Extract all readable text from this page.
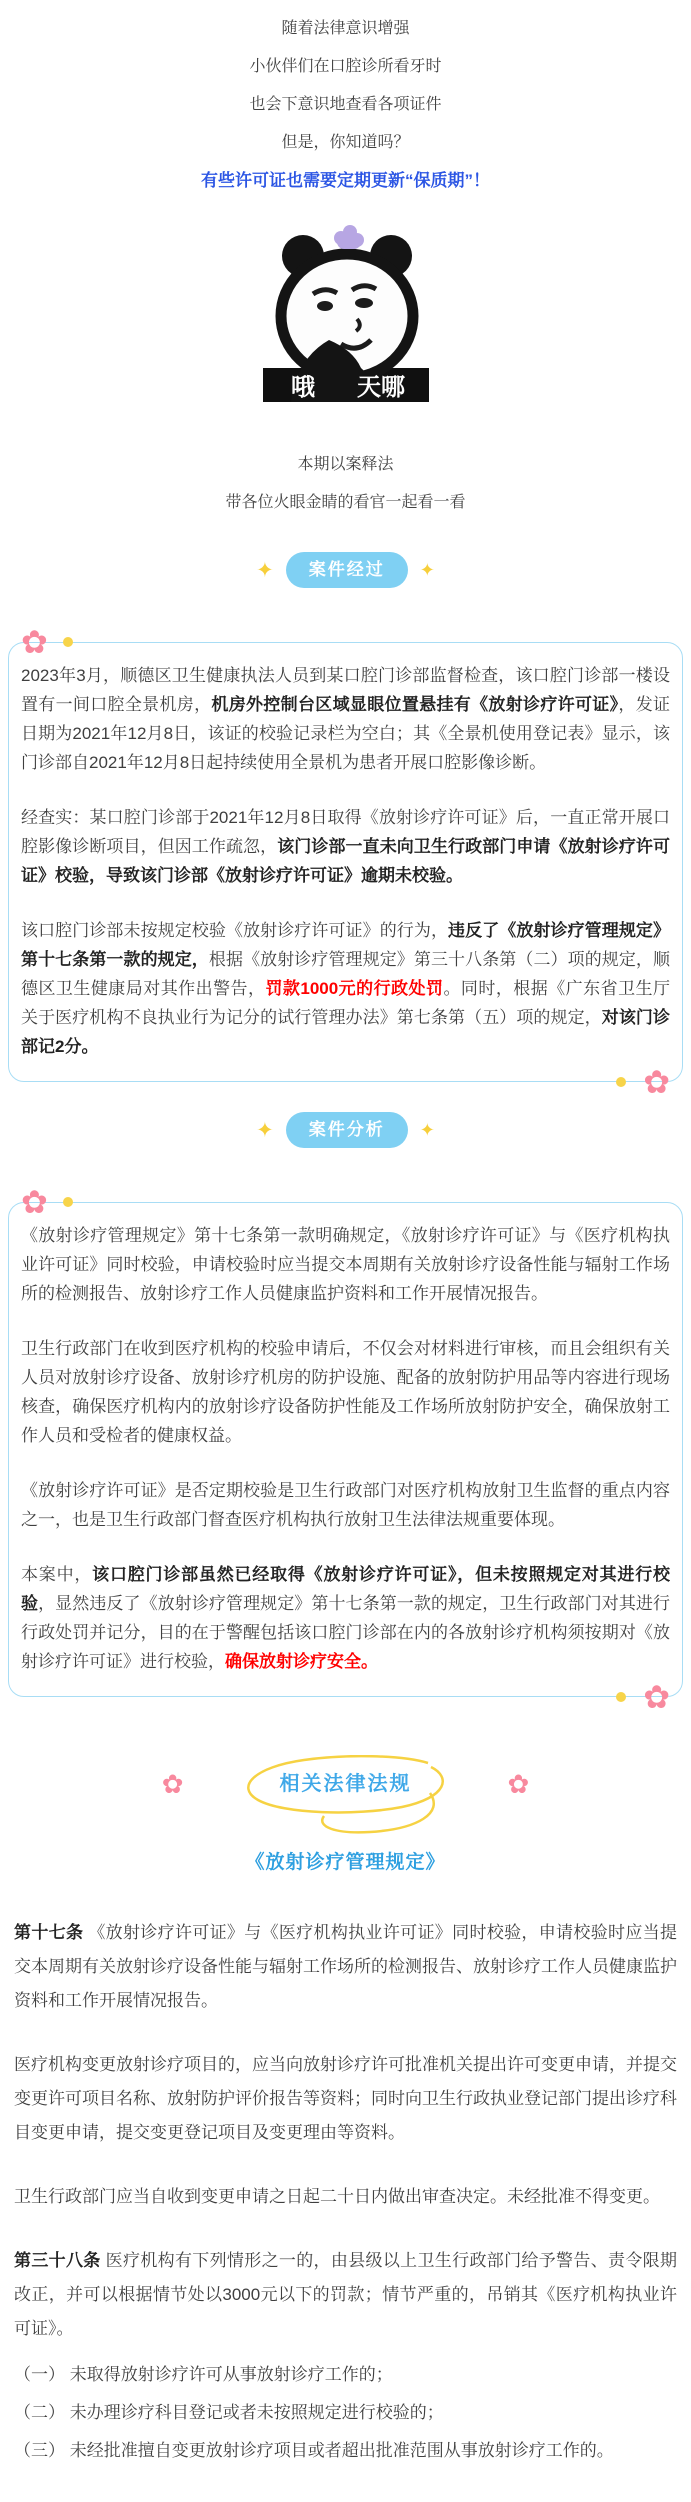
随着法律意识增强

小伙伴们在口腔诊所看牙时

也会下意识地查看各项证件

但是，你知道吗？

有些许可证也需要定期更新“保质期”！

哦 天哪

本期以案释法

带各位火眼金睛的看官一起看一看

✦	案件经过	✦
✿

2023年3月，顺德区卫生健康执法人员到某口腔门诊部监督检查，该口腔门诊部一楼设置有一间口腔全景机房，机房外控制台区域显眼位置悬挂有《放射诊疗许可证》，发证日期为2021年12月8日，该证的校验记录栏为空白；其《全景机使用登记表》显示，该门诊部自2021年12月8日起持续使用全景机为患者开展口腔影像诊断。

经查实：某口腔门诊部于2021年12月8日取得《放射诊疗许可证》后，一直正常开展口腔影像诊断项目，但因工作疏忽，该门诊部一直未向卫生行政部门申请《放射诊疗许可证》校验，导致该门诊部《放射诊疗许可证》逾期未校验。

该口腔门诊部未按规定校验《放射诊疗许可证》的行为，违反了《放射诊疗管理规定》第十七条第一款的规定，根据《放射诊疗管理规定》第三十八条第（二）项的规定，顺德区卫生健康局对其作出警告，罚款1000元的行政处罚。同时，根据《广东省卫生厅关于医疗机构不良执业行为记分的试行管理办法》第七条第（五）项的规定，对该门诊部记2分。

✿
✦	案件分析	✦
✿

《放射诊疗管理规定》第十七条第一款明确规定，《放射诊疗许可证》与《医疗机构执业许可证》同时校验，申请校验时应当提交本周期有关放射诊疗设备性能与辐射工作场所的检测报告、放射诊疗工作人员健康监护资料和工作开展情况报告。

卫生行政部门在收到医疗机构的校验申请后，不仅会对材料进行审核，而且会组织有关人员对放射诊疗设备、放射诊疗机房的防护设施、配备的放射防护用品等内容进行现场核查，确保医疗机构内的放射诊疗设备防护性能及工作场所放射防护安全，确保放射工作人员和受检者的健康权益。

《放射诊疗许可证》是否定期校验是卫生行政部门对医疗机构放射卫生监督的重点内容之一，也是卫生行政部门督查医疗机构执行放射卫生法律法规重要体现。

本案中，该口腔门诊部虽然已经取得《放射诊疗许可证》，但未按照规定对其进行校验，显然违反了《放射诊疗管理规定》第十七条第一款的规定，卫生行政部门对其进行行政处罚并记分，目的在于警醒包括该口腔门诊部在内的各放射诊疗机构须按期对《放射诊疗许可证》进行校验，确保放射诊疗安全。

✿
✿	相关法律法规	✿

《放射诊疗管理规定》

第十七条 《放射诊疗许可证》与《医疗机构执业许可证》同时校验，申请校验时应当提交本周期有关放射诊疗设备性能与辐射工作场所的检测报告、放射诊疗工作人员健康监护资料和工作开展情况报告。

医疗机构变更放射诊疗项目的，应当向放射诊疗许可批准机关提出许可变更申请，并提交变更许可项目名称、放射防护评价报告等资料；同时向卫生行政执业登记部门提出诊疗科目变更申请，提交变更登记项目及变更理由等资料。

卫生行政部门应当自收到变更申请之日起二十日内做出审查决定。未经批准不得变更。

第三十八条 医疗机构有下列情形之一的，由县级以上卫生行政部门给予警告、责令限期改正，并可以根据情节处以3000元以下的罚款；情节严重的，吊销其《医疗机构执业许可证》。

（一） 未取得放射诊疗许可从事放射诊疗工作的；

（二） 未办理诊疗科目登记或者未按照规定进行校验的；

（三） 未经批准擅自变更放射诊疗项目或者超出批准范围从事放射诊疗工作的。
